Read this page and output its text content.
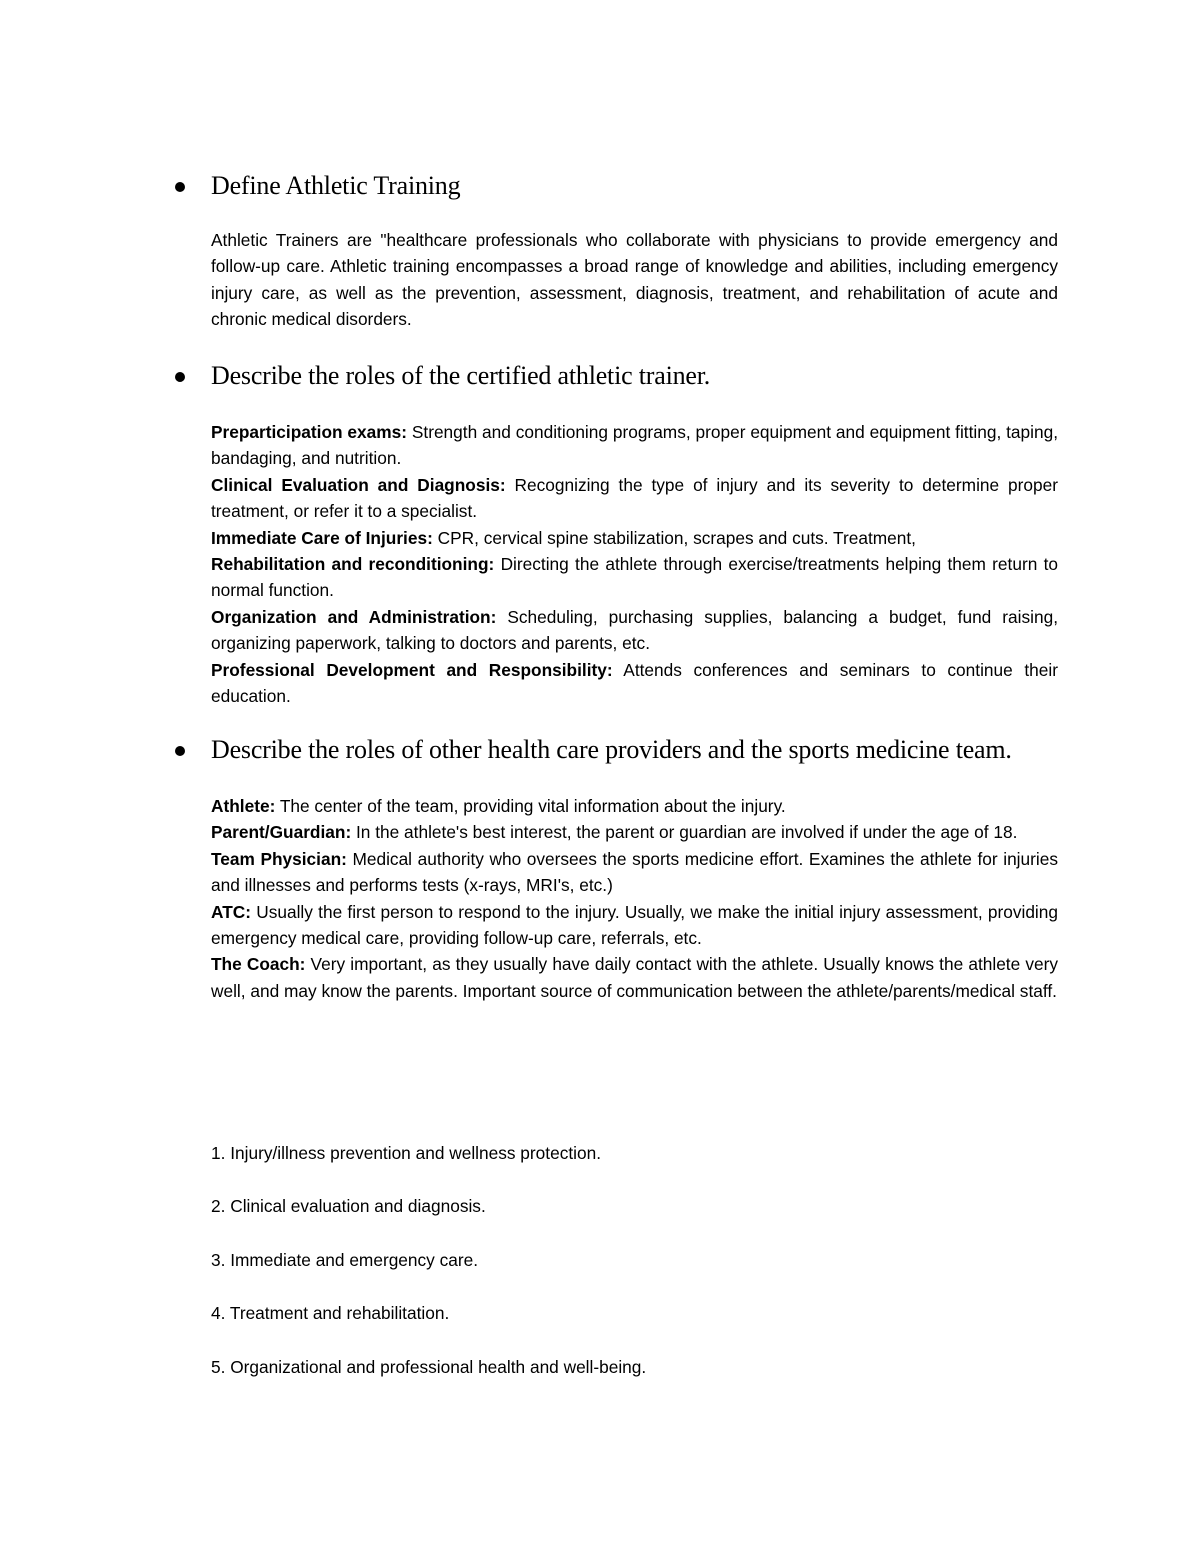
Define Athletic Training

Athletic Trainers are "healthcare professionals who collaborate with physicians to provide emergency and follow-up care. Athletic training encompasses a broad range of knowledge and abilities, including emergency injury care, as well as the prevention, assessment, diagnosis, treatment, and rehabilitation of acute and chronic medical disorders.

Describe the roles of the certified athletic trainer.

Preparticipation exams: Strength and conditioning programs, proper equipment and equipment fitting, taping, bandaging, and nutrition.

Clinical Evaluation and Diagnosis: Recognizing the type of injury and its severity to determine proper treatment, or refer it to a specialist.

Immediate Care of Injuries: CPR, cervical spine stabilization, scrapes and cuts. Treatment,

Rehabilitation and reconditioning: Directing the athlete through exercise/treatments helping them return to normal function.

Organization and Administration: Scheduling, purchasing supplies, balancing a budget, fund raising, organizing paperwork, talking to doctors and parents, etc.

Professional Development and Responsibility: Attends conferences and seminars to continue their education.

Describe the roles of other health care providers and the sports medicine team.

Athlete: The center of the team, providing vital information about the injury.

Parent/Guardian: In the athlete's best interest, the parent or guardian are involved if under the age of 18.

Team Physician: Medical authority who oversees the sports medicine effort. Examines the athlete for injuries and illnesses and performs tests (x-rays, MRI's, etc.)

ATC: Usually the first person to respond to the injury. Usually, we make the initial injury assessment, providing emergency medical care, providing follow-up care, referrals, etc.

The Coach: Very important, as they usually have daily contact with the athlete. Usually knows the athlete very well, and may know the parents. Important source of communication between the athlete/parents/medical staff.

1. Injury/illness prevention and wellness protection.
2. Clinical evaluation and diagnosis.
3. Immediate and emergency care.
4. Treatment and rehabilitation.
5. Organizational and professional health and well-being.
